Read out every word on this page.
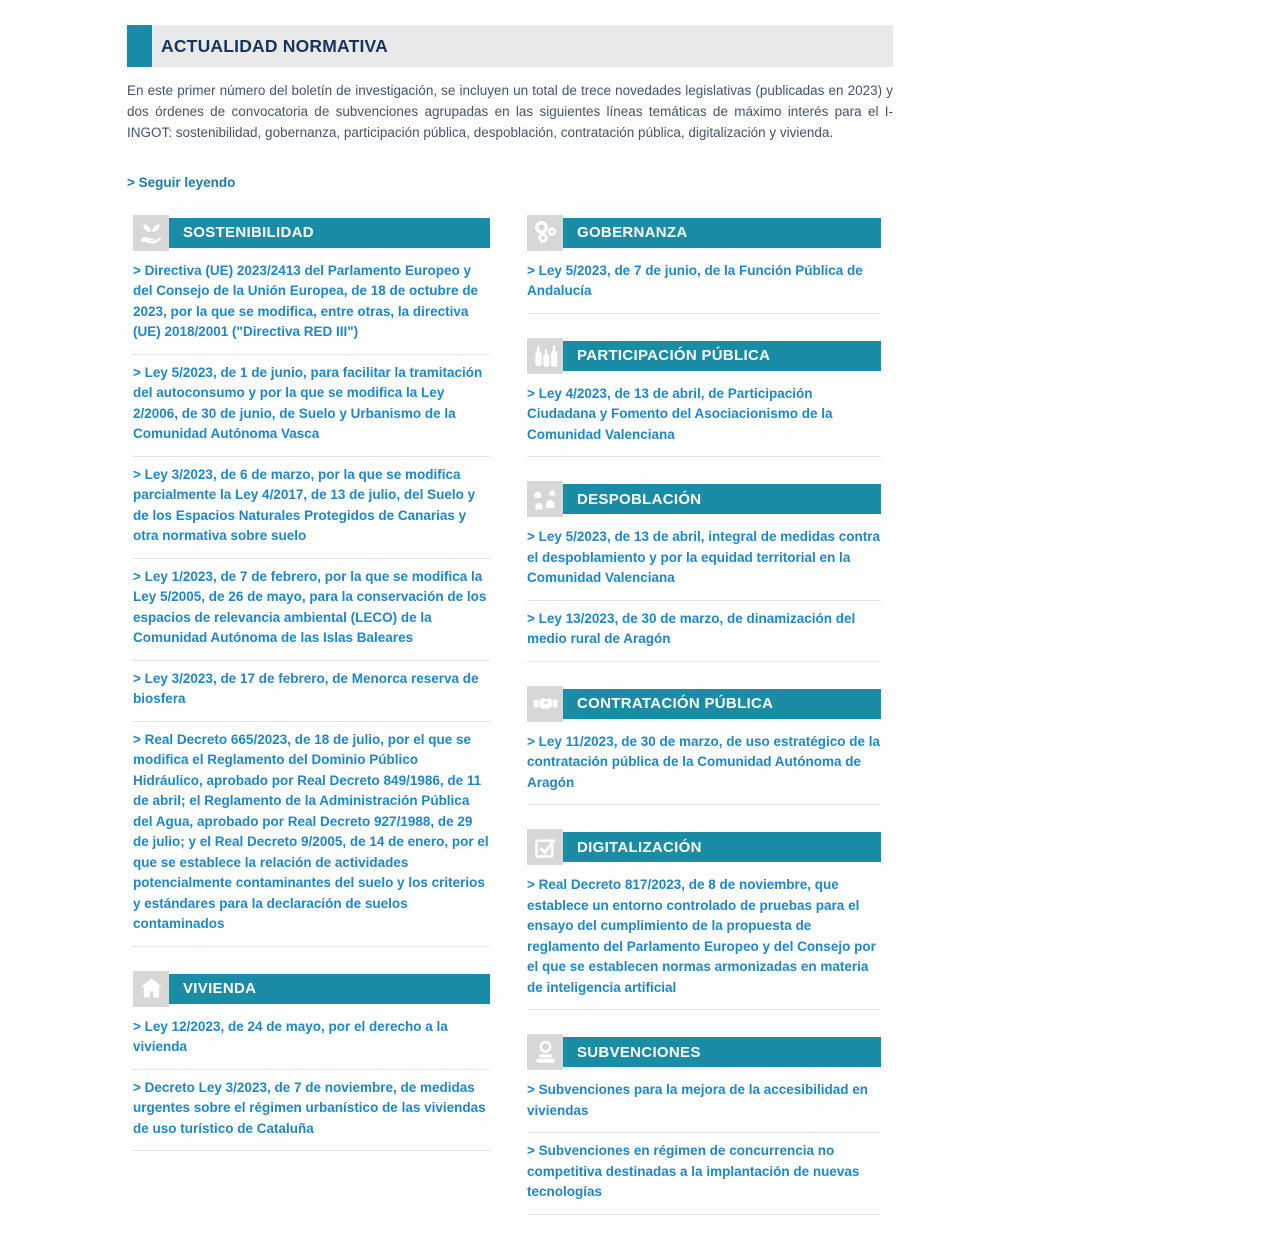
ACTUALIDAD NORMATIVA

En este primer número del boletín de investigación, se incluyen un total de trece novedades legislativas (publicadas en 2023) y dos órdenes de convocatoria de subvenciones agrupadas en las siguientes líneas temáticas de máximo interés para el I-INGOT: sostenibilidad, gobernanza, participación pública, despoblación, contratación pública, digitalización y vivienda.

> Seguir leyendo
SOSTENIBILIDAD
> Directiva (UE) 2023/2413 del Parlamento Europeo y del Consejo de la Unión Europea, de 18 de octubre de 2023, por la que se modifica, entre otras, la directiva (UE) 2018/2001 ("Directiva RED III")
> Ley 5/2023, de 1 de junio, para facilitar la tramitación del autoconsumo y por la que se modifica la Ley 2/2006, de 30 de junio, de Suelo y Urbanismo de la Comunidad Autónoma Vasca
> Ley 3/2023, de 6 de marzo, por la que se modifica parcialmente la Ley 4/2017, de 13 de julio, del Suelo y de los Espacios Naturales Protegidos de Canarias y otra normativa sobre suelo
> Ley 1/2023, de 7 de febrero, por la que se modifica la Ley 5/2005, de 26 de mayo, para la conservación de los espacios de relevancia ambiental (LECO) de la Comunidad Autónoma de las Islas Baleares
> Ley 3/2023, de 17 de febrero, de Menorca reserva de biosfera
> Real Decreto 665/2023, de 18 de julio, por el que se modifica el Reglamento del Dominio Público Hidráulico, aprobado por Real Decreto 849/1986, de 11 de abril; el Reglamento de la Administración Pública del Agua, aprobado por Real Decreto 927/1988, de 29 de julio; y el Real Decreto 9/2005, de 14 de enero, por el que se establece la relación de actividades potencialmente contaminantes del suelo y los criterios y estándares para la declaración de suelos contaminados
VIVIENDA
> Ley 12/2023, de 24 de mayo, por el derecho a la vivienda
> Decreto Ley 3/2023, de 7 de noviembre, de medidas urgentes sobre el régimen urbanístico de las viviendas de uso turístico de Cataluña
GOBERNANZA
> Ley 5/2023, de 7 de junio, de la Función Pública de Andalucía
PARTICIPACIÓN PÚBLICA
> Ley 4/2023, de 13 de abril, de Participación Ciudadana y Fomento del Asociacionismo de la Comunidad Valenciana
DESPOBLACIÓN
> Ley 5/2023, de 13 de abril, integral de medidas contra el despoblamiento y por la equidad territorial en la Comunidad Valenciana
> Ley 13/2023, de 30 de marzo, de dinamización del medio rural de Aragón
CONTRATACIÓN PÚBLICA
> Ley 11/2023, de 30 de marzo, de uso estratégico de la contratación pública de la Comunidad Autónoma de Aragón
DIGITALIZACIÓN
> Real Decreto 817/2023, de 8 de noviembre, que establece un entorno controlado de pruebas para el ensayo del cumplimiento de la propuesta de reglamento del Parlamento Europeo y del Consejo por el que se establecen normas armonizadas en materia de inteligencia artificial
SUBVENCIONES
> Subvenciones para la mejora de la accesibilidad en viviendas
> Subvenciones en régimen de concurrencia no competitiva destinadas a la implantación de nuevas tecnologías
